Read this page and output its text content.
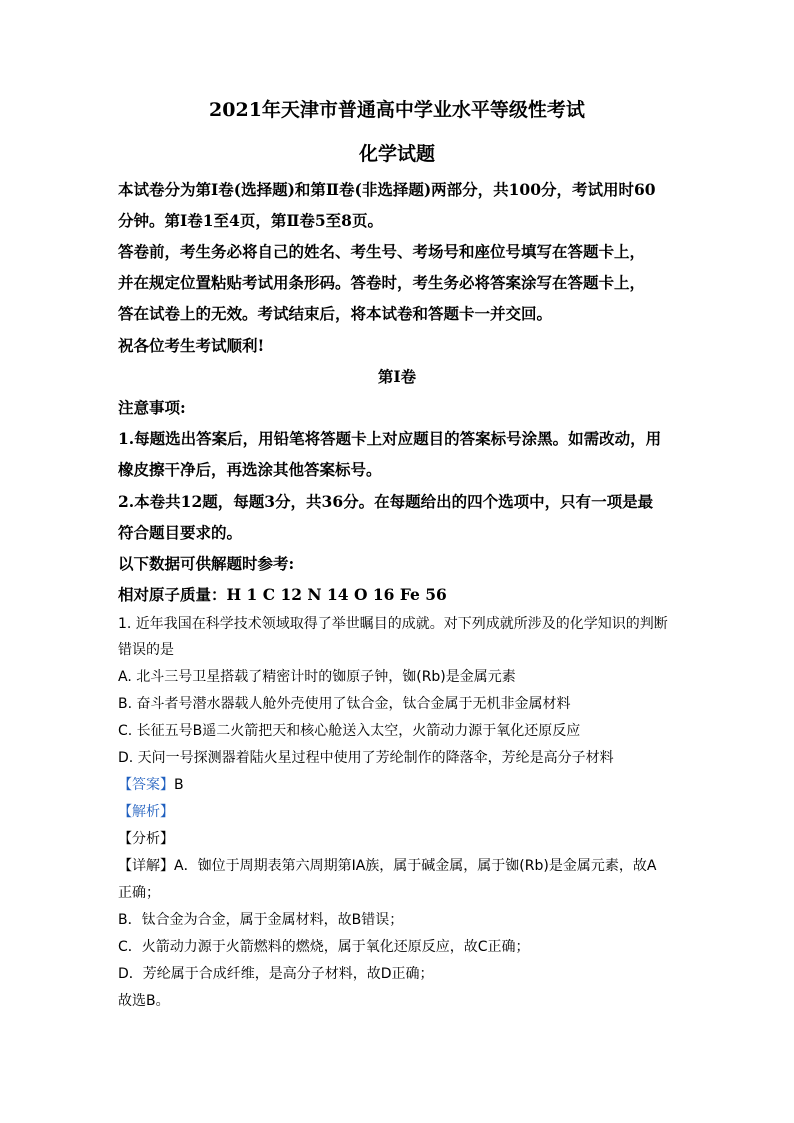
2021年天津市普通高中学业水平等级性考试
化学试题
本试卷分为第Ⅰ卷(选择题)和第Ⅱ卷(非选择题)两部分，共100分，考试用时60
分钟。第Ⅰ卷1至4页，第Ⅱ卷5至8页。
答卷前，考生务必将自己的姓名、考生号、考场号和座位号填写在答题卡上，
并在规定位置粘贴考试用条形码。答卷时，考生务必将答案涂写在答题卡上，
答在试卷上的无效。考试结束后，将本试卷和答题卡一并交回。
祝各位考生考试顺利!
第Ⅰ卷
注意事项:
1.每题选出答案后，用铅笔将答题卡上对应题目的答案标号涂黑。如需改动，用
橡皮擦干净后，再选涂其他答案标号。
2.本卷共12题，每题3分，共36分。在每题给出的四个选项中，只有一项是最
符合题目要求的。
以下数据可供解题时参考:
相对原子质量：H 1 C 12 N 14 O 16 Fe 56
1. 近年我国在科学技术领域取得了举世瞩目的成就。对下列成就所涉及的化学知识的判断
错误的是
A. 北斗三号卫星搭载了精密计时的铷原子钟，铷(Rb)是金属元素
B. 奋斗者号潜水器载人舱外壳使用了钛合金，钛合金属于无机非金属材料
C. 长征五号B遥二火箭把天和核心舱送入太空，火箭动力源于氧化还原反应
D. 天问一号探测器着陆火星过程中使用了芳纶制作的降落伞，芳纶是高分子材料
【答案】B
【解析】
【分析】
【详解】A．铷位于周期表第六周期第ⅠA族，属于碱金属，属于铷(Rb)是金属元素，故A
正确；
B．钛合金为合金，属于金属材料，故B错误；
C．火箭动力源于火箭燃料的燃烧，属于氧化还原反应，故C正确；
D．芳纶属于合成纤维，是高分子材料，故D正确；
故选B。
